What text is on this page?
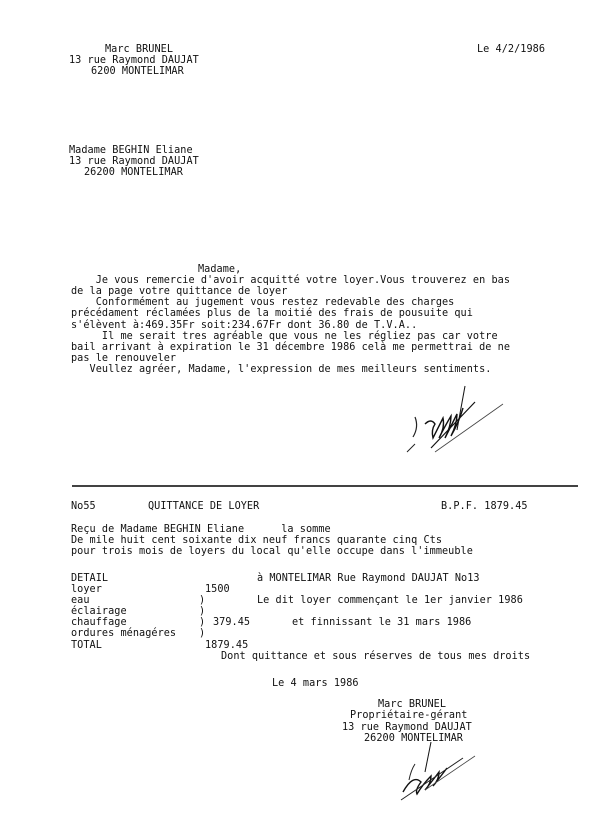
Marc BRUNEL
13 rue Raymond DAUJAT
6200 MONTELIMAR
Le 4/2/1986
Madame BEGHIN Eliane
13 rue Raymond DAUJAT
26200 MONTELIMAR
Madame,
Je vous remercie d'avoir acquitté votre loyer.Vous trouverez en bas
de la page votre quittance de loyer
Conformément au jugement vous restez redevable des charges
précédament réclamées plus de la moitié des frais de pousuite qui
s'élèvent à:469.35Fr soit:234.67Fr dont 36.80 de T.V.A..
Il me serait tres agréable que vous ne les régliez pas car votre
bail arrivant à expiration le 31 décembre 1986 celà me permettrai de ne
pas le renouveler
Veullez agréer, Madame, l'expression de mes meilleurs sentiments.
No55	QUITTANCE DE LOYER	B.P.F. 1879.45
Reçu de Madame BEGHIN Eliane      la somme
De mile huit cent soixante dix neuf francs quarante cinq Cts
pour trois mois de loyers du local qu'elle occupe dans l'immeuble
DETAIL	à MONTELIMAR Rue Raymond DAUJAT No13
loyer	1500
eau	)	Le dit loyer commençant le 1er janvier 1986
éclairage	)
chauffage	) 379.45	et finnissant le 31 mars 1986
ordures ménagéres )
TOTAL	1879.45
Dont quittance et sous réserves de tous mes droits
Le 4 mars 1986
Marc BRUNEL
Propriétaire-gérant
13 rue Raymond DAUJAT
26200 MONTELIMAR
